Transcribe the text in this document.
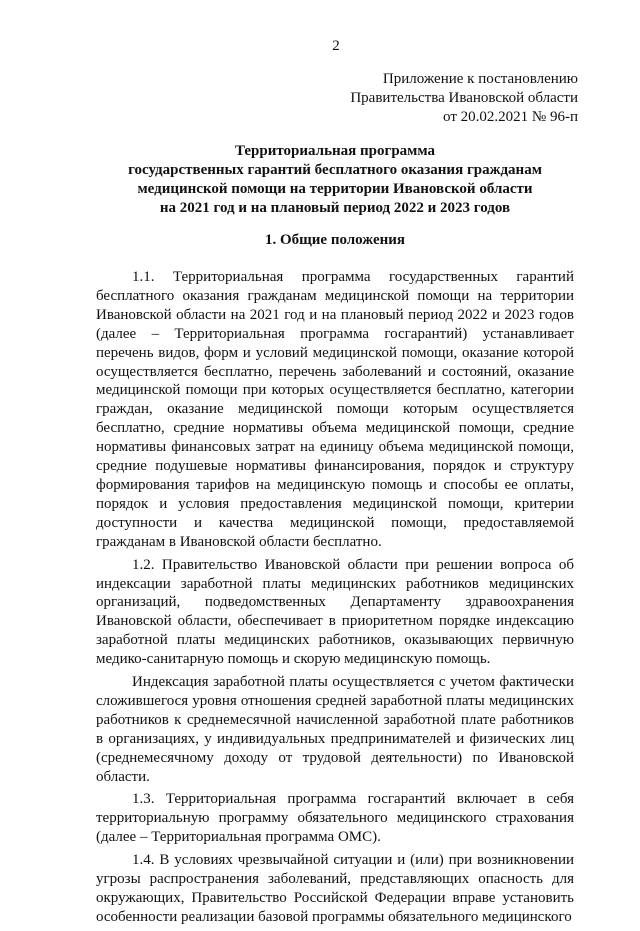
2
Приложение к постановлению
Правительства Ивановской области
от 20.02.2021 № 96-п
Территориальная программа
государственных гарантий бесплатного оказания гражданам
медицинской помощи на территории Ивановской области
на 2021 год и на плановый период 2022 и 2023 годов
1. Общие положения

1.1. Территориальная программа государственных гарантий бесплатного оказания гражданам медицинской помощи на территории Ивановской области на 2021 год и на плановый период 2022 и 2023 годов (далее – Территориальная программа госгарантий) устанавливает перечень видов, форм и условий медицинской помощи, оказание которой осуществляется бесплатно, перечень заболеваний и состояний, оказание медицинской помощи при которых осуществляется бесплатно, категории граждан, оказание медицинской помощи которым осуществляется бесплатно, средние нормативы объема медицинской помощи, средние нормативы финансовых затрат на единицу объема медицинской помощи, средние подушевые нормативы финансирования, порядок и структуру формирования тарифов на медицинскую помощь и способы ее оплаты, порядок и условия предоставления медицинской помощи, критерии доступности и качества медицинской помощи, предоставляемой гражданам в Ивановской области бесплатно.

1.2. Правительство Ивановской области при решении вопроса об индексации заработной платы медицинских работников медицинских организаций, подведомственных Департаменту здравоохранения Ивановской области, обеспечивает в приоритетном порядке индексацию заработной платы медицинских работников, оказывающих первичную медико-санитарную помощь и скорую медицинскую помощь.

Индексация заработной платы осуществляется с учетом фактически сложившегося уровня отношения средней заработной платы медицинских работников к среднемесячной начисленной заработной плате работников в организациях, у индивидуальных предпринимателей и физических лиц (среднемесячному доходу от трудовой деятельности) по Ивановской области.

1.3. Территориальная программа госгарантий включает в себя территориальную программу обязательного медицинского страхования (далее – Территориальная программа ОМС).

1.4. В условиях чрезвычайной ситуации и (или) при возникновении угрозы распространения заболеваний, представляющих опасность для окружающих, Правительство Российской Федерации вправе установить особенности реализации базовой программы обязательного медицинского
